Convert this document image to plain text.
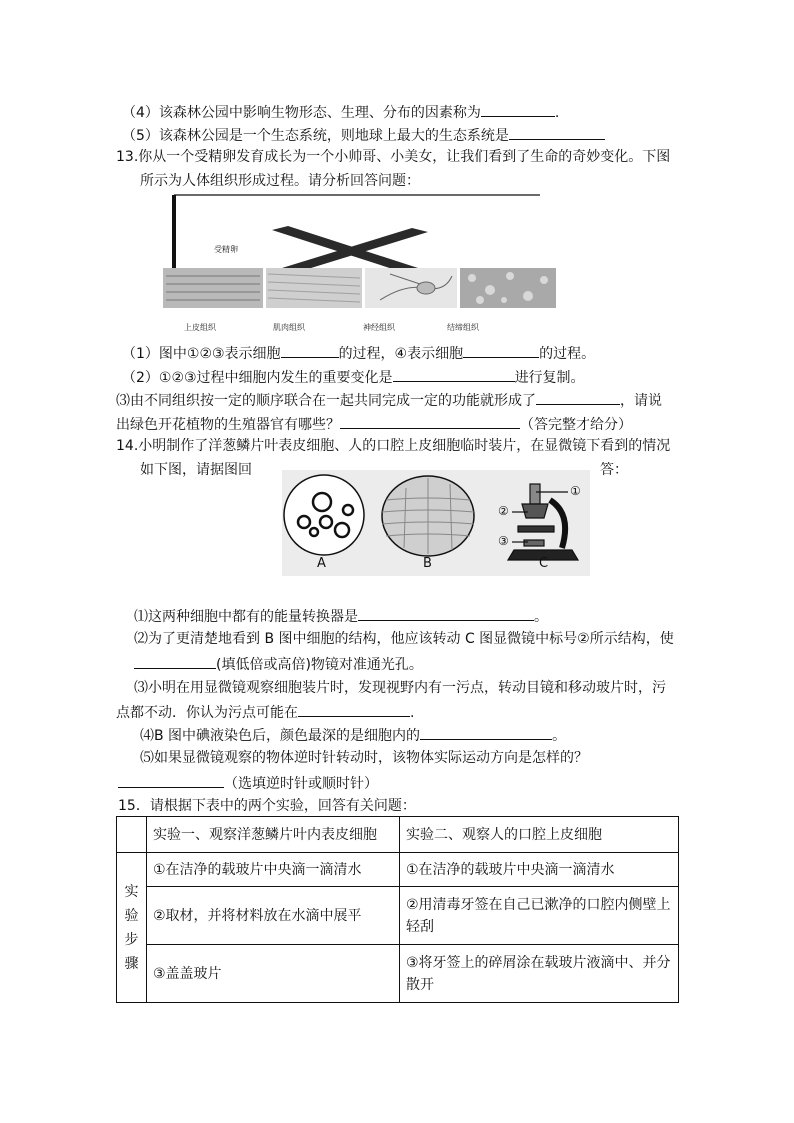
（4）该森林公园中影响生物形态、生理、分布的因素称为	.
（5）该森林公园是一个生态系统，则地球上最大的生态系统是
13.你从一个受精卵发育成长为一个小帅哥、小美女，让我们看到了生命的奇妙变化。下图
所示为人体组织形成过程。请分析回答问题：
受精卵
上皮组织	肌肉组织	神经组织	结缔组织
（1）图中①②③表示细胞	的过程，④表示细胞	的过程。
（2）①②③过程中细胞内发生的重要变化是	进行复制。
⑶由不同组织按一定的顺序联合在一起共同完成一定的功能就形成了	，请说
出绿色开花植物的生殖器官有哪些？	（答完整才给分）
14.小明制作了洋葱鳞片叶表皮细胞、人的口腔上皮细胞临时装片，在显微镜下看到的情况
如下图，请据图回	答：
A	B	C
①
②
③
⑴这两种细胞中都有的能量转换器是	。
⑵为了更清楚地看到 B 图中细胞的结构，他应该转动 C 图显微镜中标号②所示结构，使
(填低倍或高倍)物镜对准通光孔。
⑶小明在用显微镜观察细胞装片时，发现视野内有一污点，转动目镜和移动玻片时，污
点都不动．你认为污点可能在	.
⑷B 图中碘液染色后，颜色最深的是细胞内的	。
⑸如果显微镜观察的物体逆时针转动时，该物体实际运动方向是怎样的？
（选填逆时针或顺时针）
15．请根据下表中的两个实验，回答有关问题：
	实验一、观察洋葱鳞片叶内表皮细胞	实验二、观察人的口腔上皮细胞

实
验
步
骤	①在洁净的载玻片中央滴一滴清水	①在洁净的载玻片中央滴一滴清水
	②取材，并将材料放在水滴中展平	②用清毒牙签在自己已漱净的口腔内侧壁上
轻刮

	③盖盖玻片	③将牙签上的碎屑涂在载玻片液滴中、并分
散开
